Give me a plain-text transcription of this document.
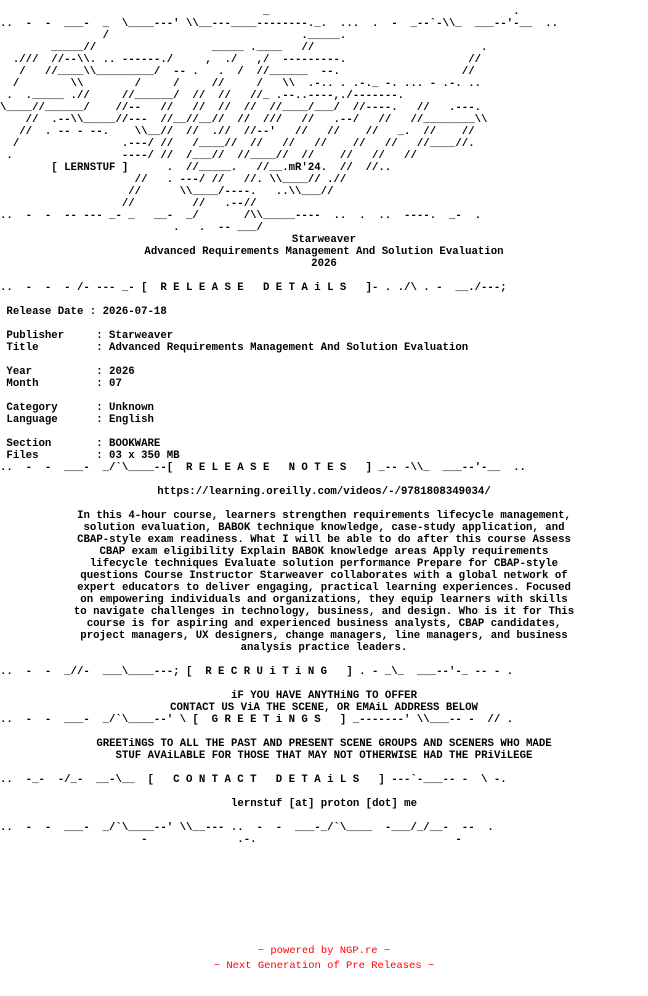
_                                      .
..  -  -  ___-  _  \____---' \\__---____--------._.  ...  .  -  _--`-\\_  ___--'-__  ..
/                              ._____.
_____//                  _____ .____   //                          .
.///  //--\\. .. ------./     ,  ./   ,/  ---------.                   //
/   //____\\_________/  -- .   .  /  //______  --.                   //
/        \\        /     /     //     /   \\  .-.. . .-._ -. ... - .-. ..
.  ._____ .//     //______/  //  //   //_ .--..----,./-------.
\____//______/    //--   //   //  //  //  //____/___/  //----.   //   .---.
//  .--\\_____//---  //__//__//  //  ///   //   .--/   //   //________\\
//  . -- - --.    \\__//  //  .//  //--'   //   //    //   _.  //    //
/                .---/ //   /____//  //   //   //    //   //   //____//.
.                 ----/ //  /___//  //____//  //    //   //   //
[ LERNSTUF ]      .  //_____.   //__.mR'24.  //  //..
//   . ---/ //   //. \\____// .//
//      \\____/----.   ..\\___//
//         //   .--//
..  -  -  -- --- _- _   __-  _/       /\\_____----  ..  .  ..  ----.  _-  .
.   .  -- ___/
Starweaver
Advanced Requirements Management And Solution Evaluation
2026

..  -  -  - /- --- _- [  R E L E A S E   D E T A i L S   ]- . ./\ . -  __./---;

Release Date : 2026-07-18

Publisher     : Starweaver
Title         : Advanced Requirements Management And Solution Evaluation

Year          : 2026
Month         : 07

Category      : Unknown
Language      : English

Section       : BOOKWARE
Files         : 03 x 350 MB
..  -  -  ___-  _/`\____--[  R E L E A S E   N O T E S   ] _-- -\\_  ___--'-__  ..

https://learning.oreilly.com/videos/-/9781808349034/

In this 4-hour course, learners strengthen requirements lifecycle management,
solution evaluation, BABOK technique knowledge, case-study application, and
CBAP-style exam readiness. What I will be able to do after this course Assess
CBAP exam eligibility Explain BABOK knowledge areas Apply requirements
lifecycle techniques Evaluate solution performance Prepare for CBAP-style
questions Course Instructor Starweaver collaborates with a global network of
expert educators to deliver engaging, practical learning experiences. Focused
on empowering individuals and organizations, they equip learners with skills
to navigate challenges in technology, business, and design. Who is it for This
course is for aspiring and experienced business analysts, CBAP candidates,
project managers, UX designers, change managers, line managers, and business
analysis practice leaders.

..  -  -  _//-  ___\____---; [  R E C R U i T i N G   ] . - _\_  ___--'-_ -- - .

iF YOU HAVE ANYTHiNG TO OFFER
CONTACT US ViA THE SCENE, OR EMAiL ADDRESS BELOW
..  -  -  ___-  _/`\____--' \ [  G R E E T i N G S   ] _-------' \\___-- -  // .

GREETiNGS TO ALL THE PAST AND PRESENT SCENE GROUPS AND SCENERS WHO MADE
STUF AVAiLABLE FOR THOSE THAT MAY NOT OTHERWISE HAD THE PRiViLEGE

..  -_-  -/_-  __-\__  [   C O N T A C T   D E T A i L S   ] ---`-___-- -  \ -.

lernstuf [at] proton [dot] me

..  -  -  ___-  _/`\____--' \\__--- ..  -  -  ___-_/`\____  -___/_/__-  --  .
-              .-.                               -
~ powered by NGP.re ~
~ Next Generation of Pre Releases ~
